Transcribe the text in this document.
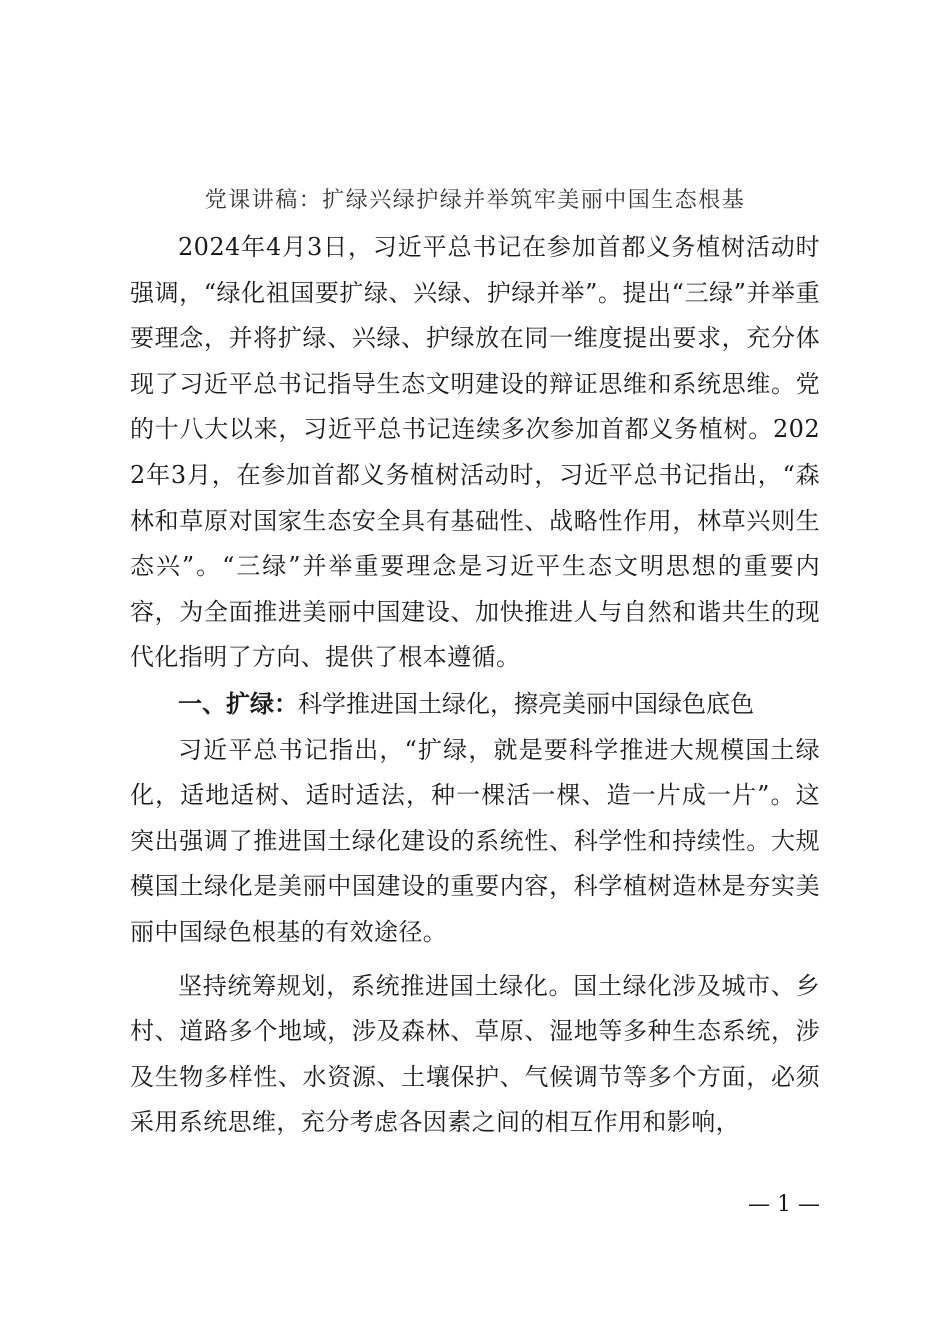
党课讲稿：扩绿兴绿护绿并举筑牢美丽中国生态根基

2024年4月3日，习近平总书记在参加首都义务植树活动时强调，“绿化祖国要扩绿、兴绿、护绿并举”。提出“三绿”并举重要理念，并将扩绿、兴绿、护绿放在同一维度提出要求，充分体现了习近平总书记指导生态文明建设的辩证思维和系统思维。党的十八大以来，习近平总书记连续多次参加首都义务植树。2022年3月，在参加首都义务植树活动时，习近平总书记指出，“森林和草原对国家生态安全具有基础性、战略性作用，林草兴则生态兴”。“三绿”并举重要理念是习近平生态文明思想的重要内容，为全面推进美丽中国建设、加快推进人与自然和谐共生的现代化指明了方向、提供了根本遵循。

一、扩绿：科学推进国土绿化，擦亮美丽中国绿色底色

习近平总书记指出，“扩绿，就是要科学推进大规模国土绿化，适地适树、适时适法，种一棵活一棵、造一片成一片”。这突出强调了推进国土绿化建设的系统性、科学性和持续性。大规模国土绿化是美丽中国建设的重要内容，科学植树造林是夯实美丽中国绿色根基的有效途径。

坚持统筹规划，系统推进国土绿化。国土绿化涉及城市、乡村、道路多个地域，涉及森林、草原、湿地等多种生态系统，涉及生物多样性、水资源、土壤保护、气候调节等多个方面，必须采用系统思维，充分考虑各因素之间的相互作用和影响，

— 1 —
